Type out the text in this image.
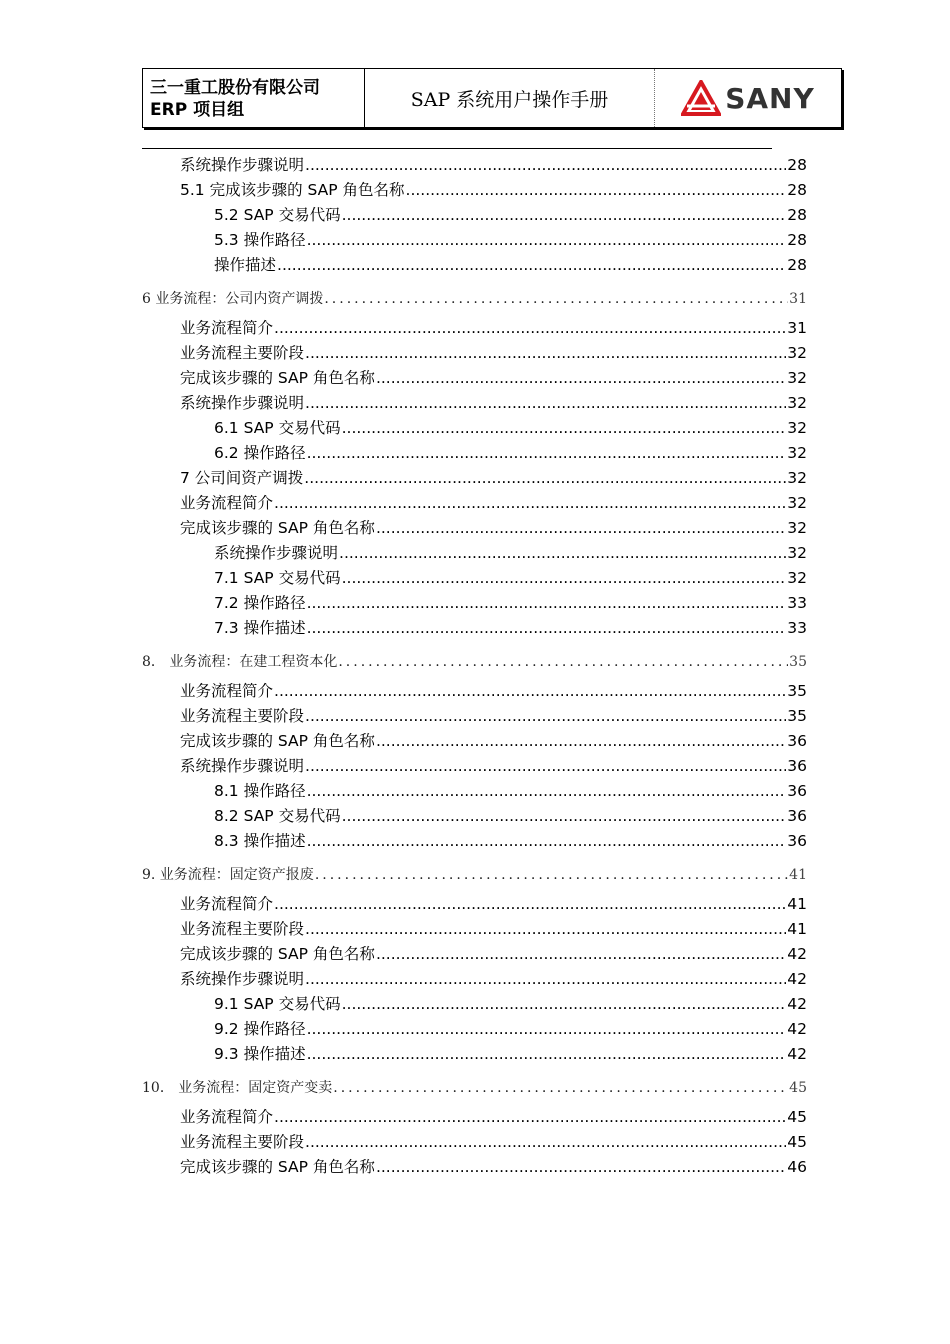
三一重工股份有限公司
ERP 项目组	SAP 系统用户操作手册	SANY
系统操作步骤说明 .....	28
5.1 完成该步骤的 SAP 角色名称 .....	28
5.2 SAP 交易代码 .....	28
5.3 操作路径 .....	28
操作描述 .....	28
6 业务流程：公司内资产调拨 .....	31
业务流程简介 .....	31
业务流程主要阶段 .....	32
完成该步骤的 SAP 角色名称 .....	32
系统操作步骤说明 .....	32
6.1 SAP 交易代码 .....	32
6.2 操作路径 .....	32
7 公司间资产调拨 .....	32
业务流程简介 .....	32
完成该步骤的 SAP 角色名称 .....	32
系统操作步骤说明 .....	32
7.1 SAP 交易代码 .....	32
7.2 操作路径 .....	33
7.3 操作描述 .....	33
8． 业务流程：在建工程资本化 .....	35
业务流程简介 .....	35
业务流程主要阶段 .....	35
完成该步骤的 SAP 角色名称 .....	36
系统操作步骤说明 .....	36
8.1 操作路径 .....	36
8.2 SAP 交易代码 .....	36
8.3 操作描述 .....	36
9. 业务流程：固定资产报废 .....	41
业务流程简介 .....	41
业务流程主要阶段 .....	41
完成该步骤的 SAP 角色名称 .....	42
系统操作步骤说明 .....	42
9.1 SAP 交易代码 .....	42
9.2 操作路径 .....	42
9.3 操作描述 .....	42
10． 业务流程：固定资产变卖 .....	45
业务流程简介 .....	45
业务流程主要阶段 .....	45
完成该步骤的 SAP 角色名称 .....	46
